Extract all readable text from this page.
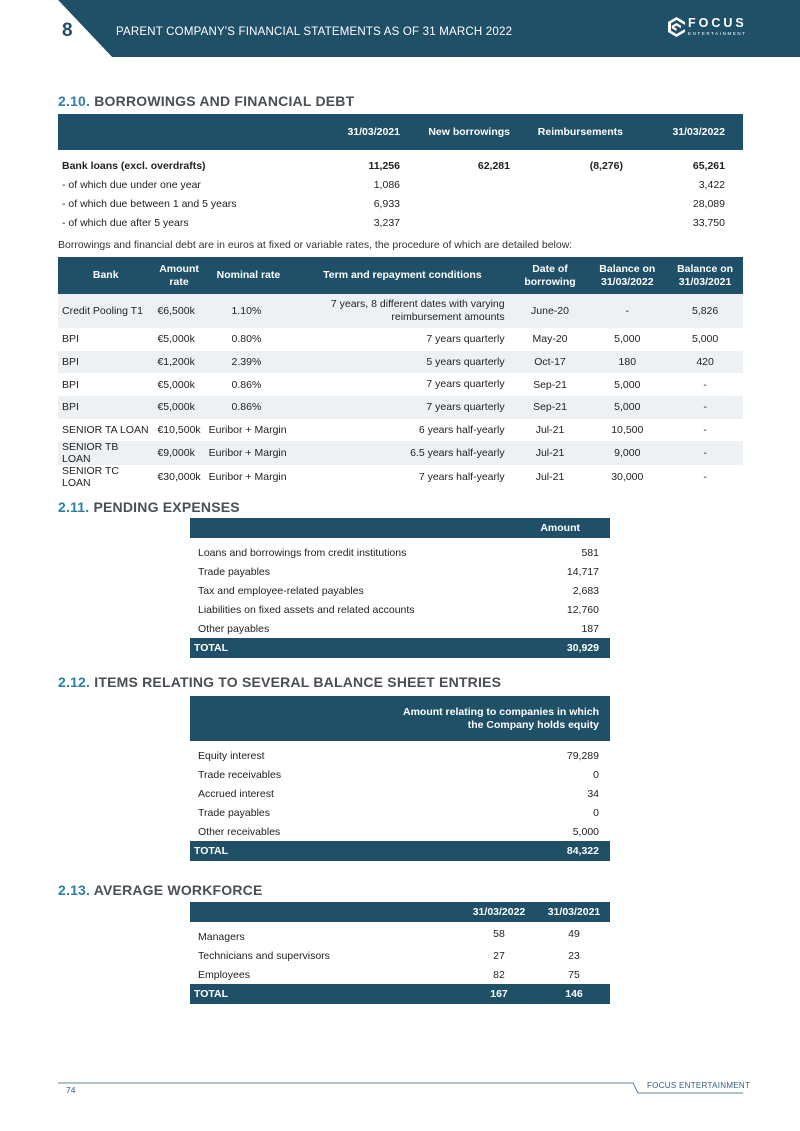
8	PARENT COMPANY'S FINANCIAL STATEMENTS AS OF 31 MARCH 2022
FOCUS
ENTERTAINMENT
2.10. BORROWINGS AND FINANCIAL DEBT
	31/03/2021	New borrowings	Reimbursements	31/03/2022
Bank loans (excl. overdrafts)	11,256	62,281	(8,276)	65,261
- of which due under one year	1,086			3,422
- of which due between 1 and 5 years	6,933			28,089
- of which due after 5 years	3,237			33,750
Borrowings and financial debt are in euros at fixed or variable rates, the procedure of which are detailed below:
Bank	Amount rate	Nominal rate	Term and repayment conditions	Date of borrowing	Balance on 31/03/2022	Balance on 31/03/2021
Credit Pooling T1	€6,500k	1.10%	7 years, 8 different dates with varying reimbursement amounts	June-20	-	5,826
BPI	€5,000k	0.80%	7 years quarterly	May-20	5,000	5,000
BPI	€1,200k	2.39%	5 years quarterly	Oct-17	180	420
BPI	€5,000k	0.86%	7 years quarterly	Sep-21	5,000	-
BPI	€5,000k	0.86%	7 years quarterly	Sep-21	5,000	-
SENIOR TA LOAN	€10,500k	Euribor + Margin	6 years half-yearly	Jul-21	10,500	-
SENIOR TB LOAN	€9,000k	Euribor + Margin	6.5 years half-yearly	Jul-21	9,000	-
SENIOR TC LOAN	€30,000k	Euribor + Margin	7 years half-yearly	Jul-21	30,000	-
2.11. PENDING EXPENSES
	Amount
Loans and borrowings from credit institutions	581
Trade payables	14,717
Tax and employee-related payables	2,683
Liabilities on fixed assets and related accounts	12,760
Other payables	187
TOTAL	30,929
2.12. ITEMS RELATING TO SEVERAL BALANCE SHEET ENTRIES
	Amount relating to companies in which
the Company holds equity
Equity interest	79,289
Trade receivables	0
Accrued interest	34
Trade payables	0
Other receivables	5,000
TOTAL	84,322
2.13. AVERAGE WORKFORCE
	31/03/2022	31/03/2021
Managers	58	49
Technicians and supervisors	27	23
Employees	82	75
TOTAL	167	146
74	FOCUS ENTERTAINMENT
